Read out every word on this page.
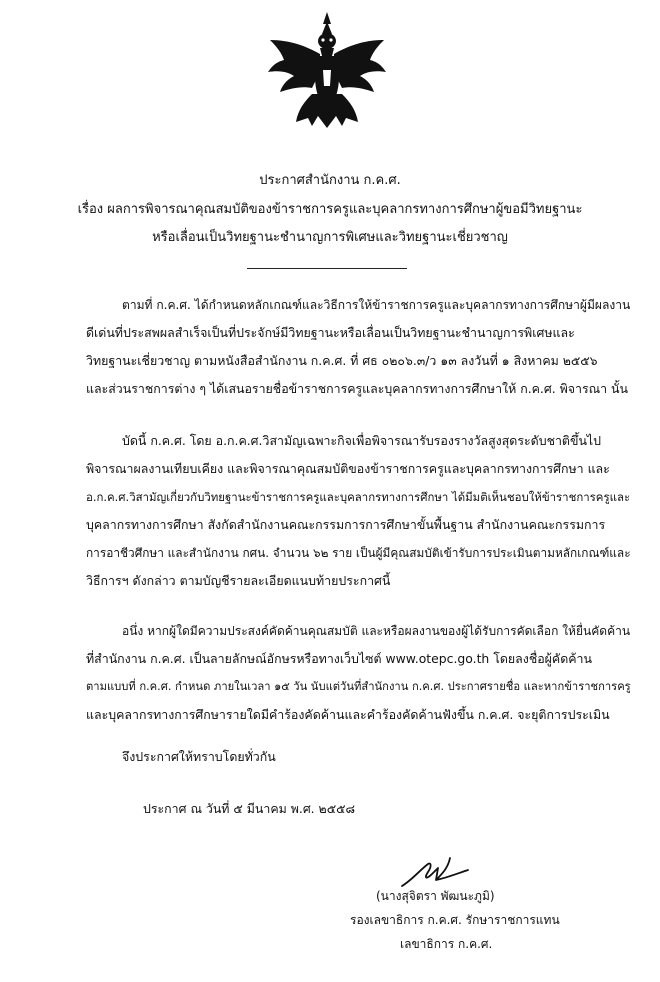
ประกาศสำนักงาน ก.ค.ศ.
เรื่อง ผลการพิจารณาคุณสมบัติของข้าราชการครูและบุคลากรทางการศึกษาผู้ขอมีวิทยฐานะ
หรือเลื่อนเป็นวิทยฐานะชำนาญการพิเศษและวิทยฐานะเชี่ยวชาญ
ตามที่ ก.ค.ศ. ได้กำหนดหลักเกณฑ์และวิธีการให้ข้าราชการครูและบุคลากรทางการศึกษาผู้มีผลงาน
ดีเด่นที่ประสพผลสำเร็จเป็นที่ประจักษ์มีวิทยฐานะหรือเลื่อนเป็นวิทยฐานะชำนาญการพิเศษและ
วิทยฐานะเชี่ยวชาญ ตามหนังสือสำนักงาน ก.ค.ศ. ที่ ศธ ๐๒๐๖.๓/ว ๑๓ ลงวันที่ ๑ สิงหาคม ๒๕๕๖
และส่วนราชการต่าง ๆ ได้เสนอรายชื่อข้าราชการครูและบุคลากรทางการศึกษาให้ ก.ค.ศ. พิจารณา นั้น
บัดนี้ ก.ค.ศ. โดย อ.ก.ค.ศ.วิสามัญเฉพาะกิจเพื่อพิจารณารับรองรางวัลสูงสุดระดับชาติขึ้นไป
พิจารณาผลงานเทียบเคียง และพิจารณาคุณสมบัติของข้าราชการครูและบุคลากรทางการศึกษา และ
อ.ก.ค.ศ.วิสามัญเกี่ยวกับวิทยฐานะข้าราชการครูและบุคลากรทางการศึกษา ได้มีมติเห็นชอบให้ข้าราชการครูและ
บุคลากรทางการศึกษา สังกัดสำนักงานคณะกรรมการการศึกษาขั้นพื้นฐาน สำนักงานคณะกรรมการ
การอาชีวศึกษา และสำนักงาน กศน. จำนวน ๖๒ ราย เป็นผู้มีคุณสมบัติเข้ารับการประเมินตามหลักเกณฑ์และ
วิธีการฯ ดังกล่าว ตามบัญชีรายละเอียดแนบท้ายประกาศนี้
อนึ่ง หากผู้ใดมีความประสงค์คัดค้านคุณสมบัติ และหรือผลงานของผู้ได้รับการคัดเลือก ให้ยื่นคัดค้าน
ที่สำนักงาน ก.ค.ศ. เป็นลายลักษณ์อักษรหรือทางเว็บไซต์ www.otepc.go.th โดยลงชื่อผู้คัดค้าน
ตามแบบที่ ก.ค.ศ. กำหนด ภายในเวลา ๑๕ วัน นับแต่วันที่สำนักงาน ก.ค.ศ. ประกาศรายชื่อ และหากข้าราชการครู
และบุคลากรทางการศึกษารายใดมีคำร้องคัดค้านและคำร้องคัดค้านฟังขึ้น ก.ค.ศ. จะยุติการประเมิน
จึงประกาศให้ทราบโดยทั่วกัน
ประกาศ ณ วันที่ ๕ มีนาคม พ.ศ. ๒๕๕๘
(นางสุจิตรา พัฒนะภูมิ)
รองเลขาธิการ ก.ค.ศ. รักษาราชการแทน
เลขาธิการ ก.ค.ศ.
